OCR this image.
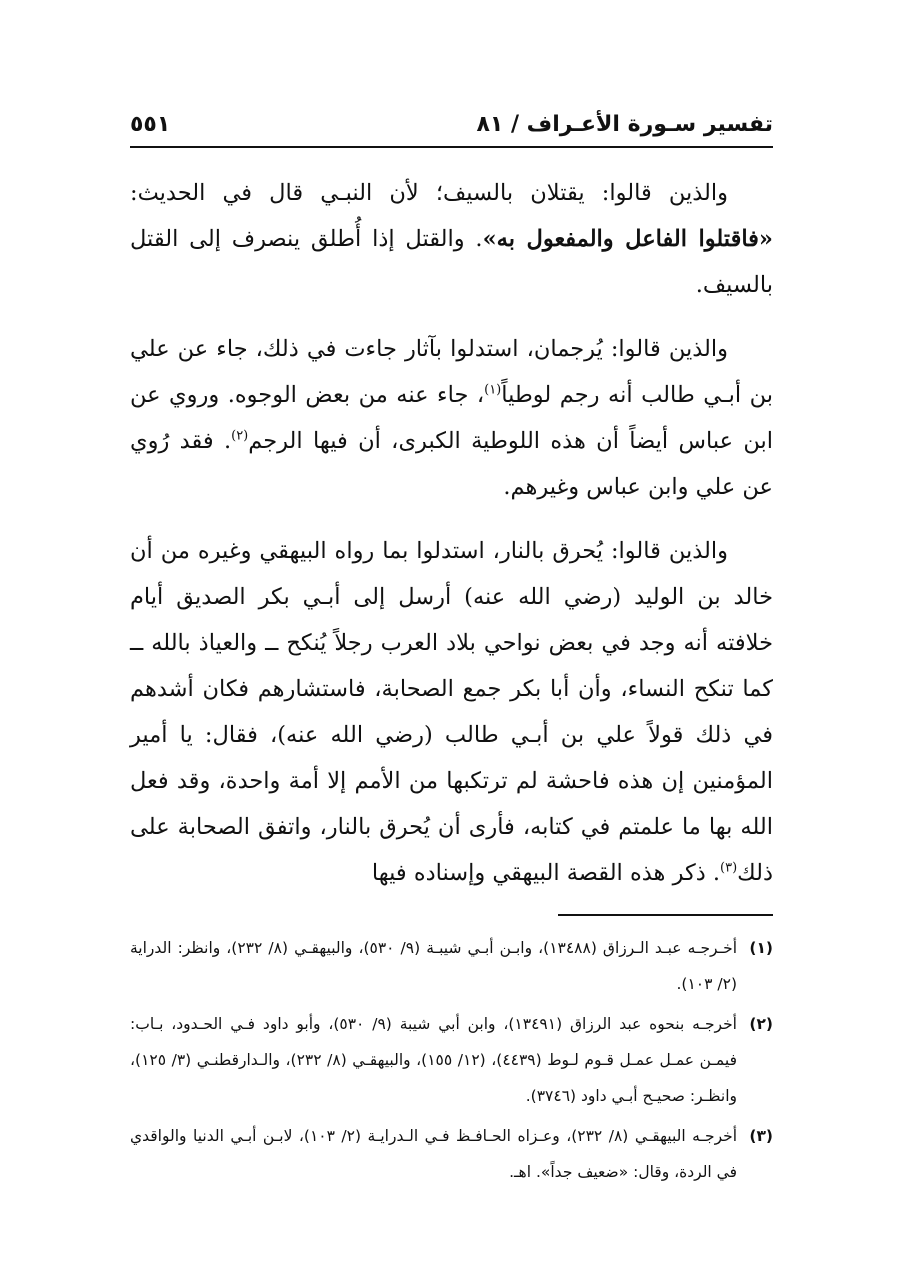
تفسير سـورة الأعـراف / ٨١
٥٥١

والذين قالوا: يقتلان بالسيف؛ لأن النبـي قال في الحديث: «فاقتلوا الفاعل والمفعول به». والقتل إذا أُطلق ينصرف إلى القتل بالسيف.

والذين قالوا: يُرجمان، استدلوا بآثار جاءت في ذلك، جاء عن علي بن أبـي طالب أنه رجم لوطياً$^{(١)}$، جاء عنه من بعض الوجوه. وروي عن ابن عباس أيضاً أن هذه اللوطية الكبرى، أن فيها الرجم$^{(٢)}$. فقد رُوي عن علي وابن عباس وغيرهم.

والذين قالوا: يُحرق بالنار، استدلوا بما رواه البيهقي وغيره من أن خالد بن الوليد (رضي الله عنه) أرسل إلى أبـي بكر الصديق أيام خلافته أنه وجد في بعض نواحي بلاد العرب رجلاً يُنكح ــ والعياذ بالله ــ كما تنكح النساء، وأن أبا بكر جمع الصحابة، فاستشارهم فكان أشدهم في ذلك قولاً علي بن أبـي طالب (رضي الله عنه)، فقال: يا أمير المؤمنين إن هذه فاحشة لم ترتكبها من الأمم إلا أمة واحدة، وقد فعل الله بها ما علمتم في كتابه، فأرى أن يُحرق بالنار، واتفق الصحابة على ذلك$^{(٣)}$. ذكر هذه القصة البيهقي وإسناده فيها

(١)
أخـرجـه عبـد الـرزاق (١٣٤٨٨)، وابـن أبـي شيبـة (٩/ ٥٣٠)، والبيهقـي (٨/ ٢٣٢)، وانظر: الدراية (٢/ ١٠٣).
(٢)
أخرجـه بنحوه عبد الرزاق (١٣٤٩١)، وابن أبي شيبة (٩/ ٥٣٠)، وأبو داود فـي الحـدود، بـاب: فيمـن عمـل عمـل قـوم لـوط (٤٤٣٩)، (١٢/ ١٥٥)، والبيهقـي (٨/ ٢٣٢)، والـدارقطنـي (٣/ ١٢٥)، وانظـر: صحيـح أبـي داود (٣٧٤٦).
(٣)
أخرجـه البيهقـي (٨/ ٢٣٢)، وعـزاه الحـافـظ فـي الـدرايـة (٢/ ١٠٣)، لابـن أبـي الدنيا والواقدي في الردة، وقال: «ضعيف جداً». اهـ.
